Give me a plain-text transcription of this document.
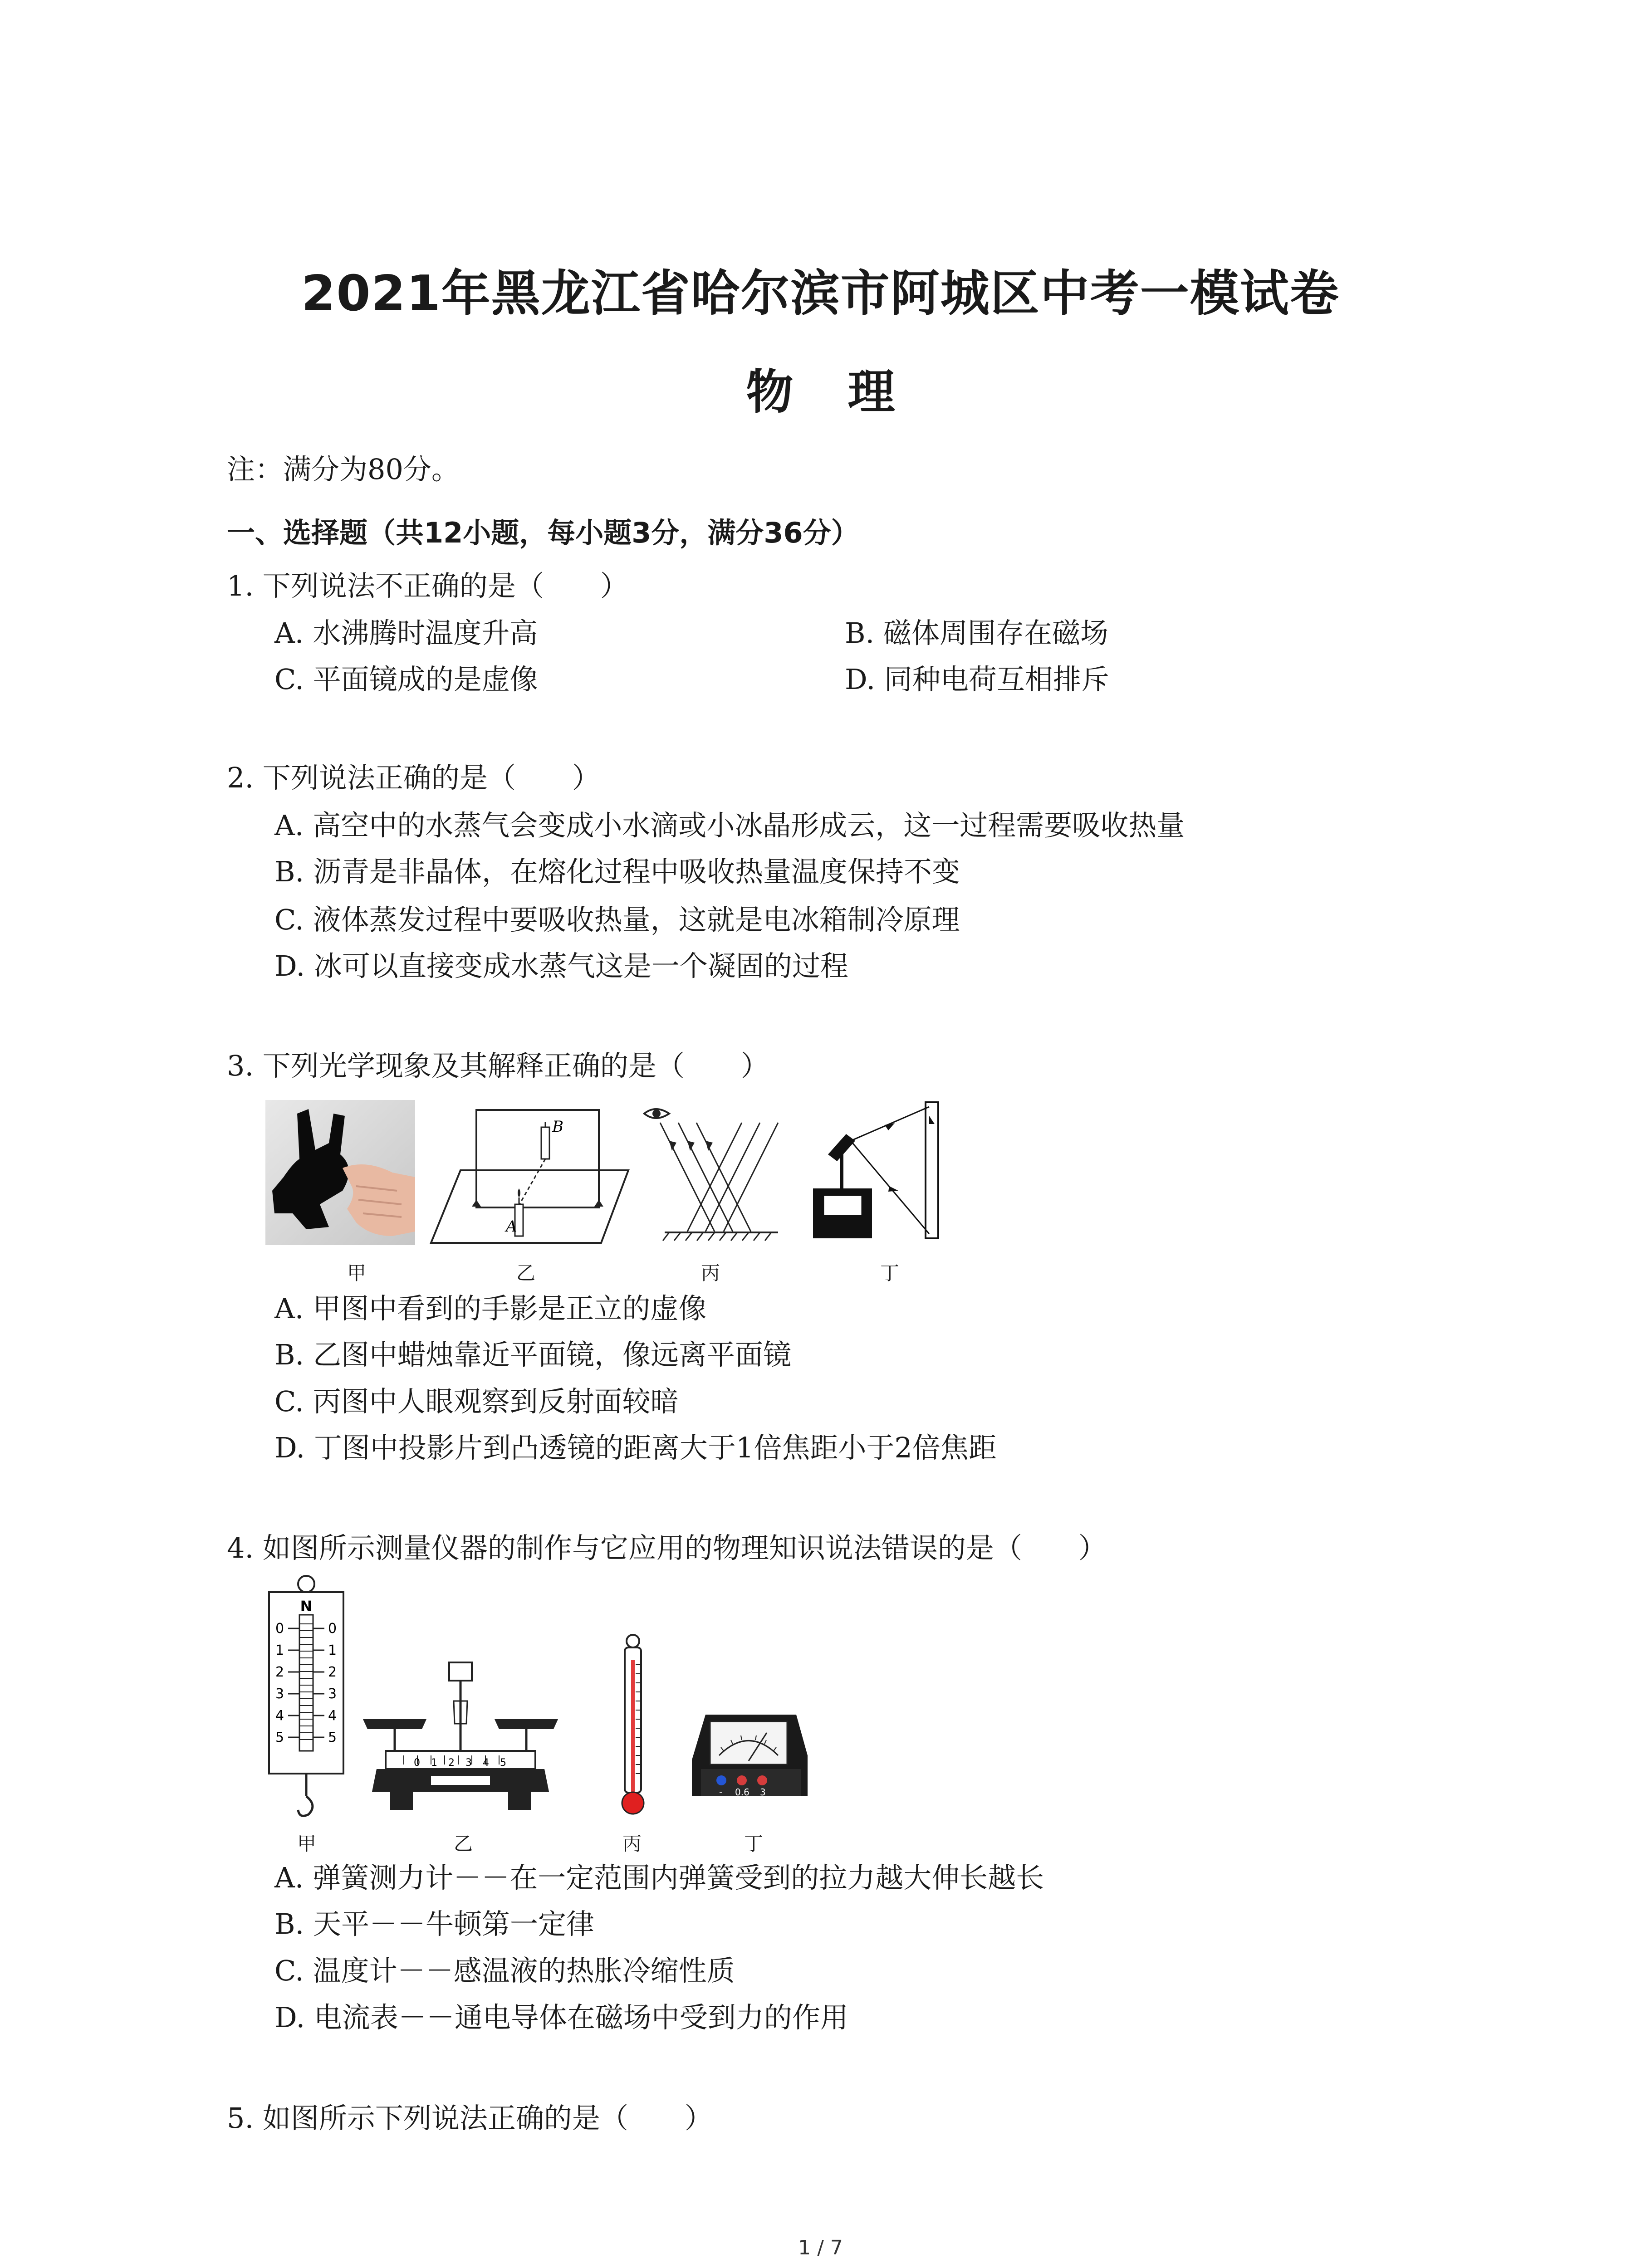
2021年黑龙江省哈尔滨市阿城区中考一模试卷
物理
注：满分为80分。
一、选择题（共12小题，每小题3分，满分36分）
1. 下列说法不正确的是（　　）
A. 水沸腾时温度升高	B. 磁体周围存在磁场
C. 平面镜成的是虚像	D. 同种电荷互相排斥
2. 下列说法正确的是（　　）
A. 高空中的水蒸气会变成小水滴或小冰晶形成云，这一过程需要吸收热量
B. 沥青是非晶体，在熔化过程中吸收热量温度保持不变
C. 液体蒸发过程中要吸收热量，这就是电冰箱制冷原理
D. 冰可以直接变成水蒸气这是一个凝固的过程
3. 下列光学现象及其解释正确的是（　　）
B
A
甲	乙	丙	丁
A. 甲图中看到的手影是正立的虚像
B. 乙图中蜡烛靠近平面镜，像远离平面镜
C. 丙图中人眼观察到反射面较暗
D. 丁图中投影片到凸透镜的距离大于1倍焦距小于2倍焦距
4. 如图所示测量仪器的制作与它应用的物理知识说法错误的是（　　）
N
0
1
2
3
4
5
0
1
2
3
4
5
0 1 2 3 4 5
- 0.6 3
甲	乙	丙	丁
A. 弹簧测力计－－在一定范围内弹簧受到的拉力越大伸长越长
B. 天平－－牛顿第一定律
C. 温度计－－感温液的热胀冷缩性质
D. 电流表－－通电导体在磁场中受到力的作用
5. 如图所示下列说法正确的是（　　）
1 / 7
